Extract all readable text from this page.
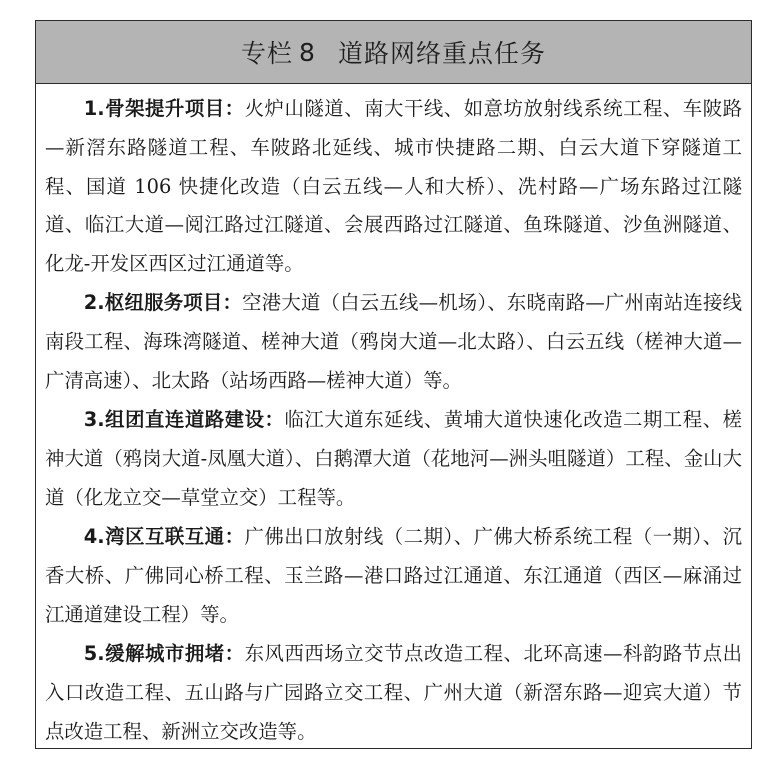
专栏 8 道路网络重点任务

1.骨架提升项目：火炉山隧道、南大干线、如意坊放射线系统工程、车陂路—新滘东路隧道工程、车陂路北延线、城市快捷路二期、白云大道下穿隧道工程、国道 106 快捷化改造（白云五线—人和大桥）、冼村路—广场东路过江隧道、临江大道—阅江路过江隧道、会展西路过江隧道、鱼珠隧道、沙鱼洲隧道、化龙-开发区西区过江通道等。

2.枢纽服务项目：空港大道（白云五线—机场）、东晓南路—广州南站连接线南段工程、海珠湾隧道、槎神大道（鸦岗大道—北太路）、白云五线（槎神大道—广清高速）、北太路（站场西路—槎神大道）等。

3.组团直连道路建设：临江大道东延线、黄埔大道快速化改造二期工程、槎神大道（鸦岗大道-凤凰大道）、白鹅潭大道（花地河—洲头咀隧道）工程、金山大道（化龙立交—草堂立交）工程等。

4.湾区互联互通：广佛出口放射线（二期）、广佛大桥系统工程（一期）、沉香大桥、广佛同心桥工程、玉兰路—港口路过江通道、东江通道（西区—麻涌过江通道建设工程）等。

5.缓解城市拥堵：东风西西场立交节点改造工程、北环高速—科韵路节点出入口改造工程、五山路与广园路立交工程、广州大道（新滘东路—迎宾大道）节点改造工程、新洲立交改造等。
